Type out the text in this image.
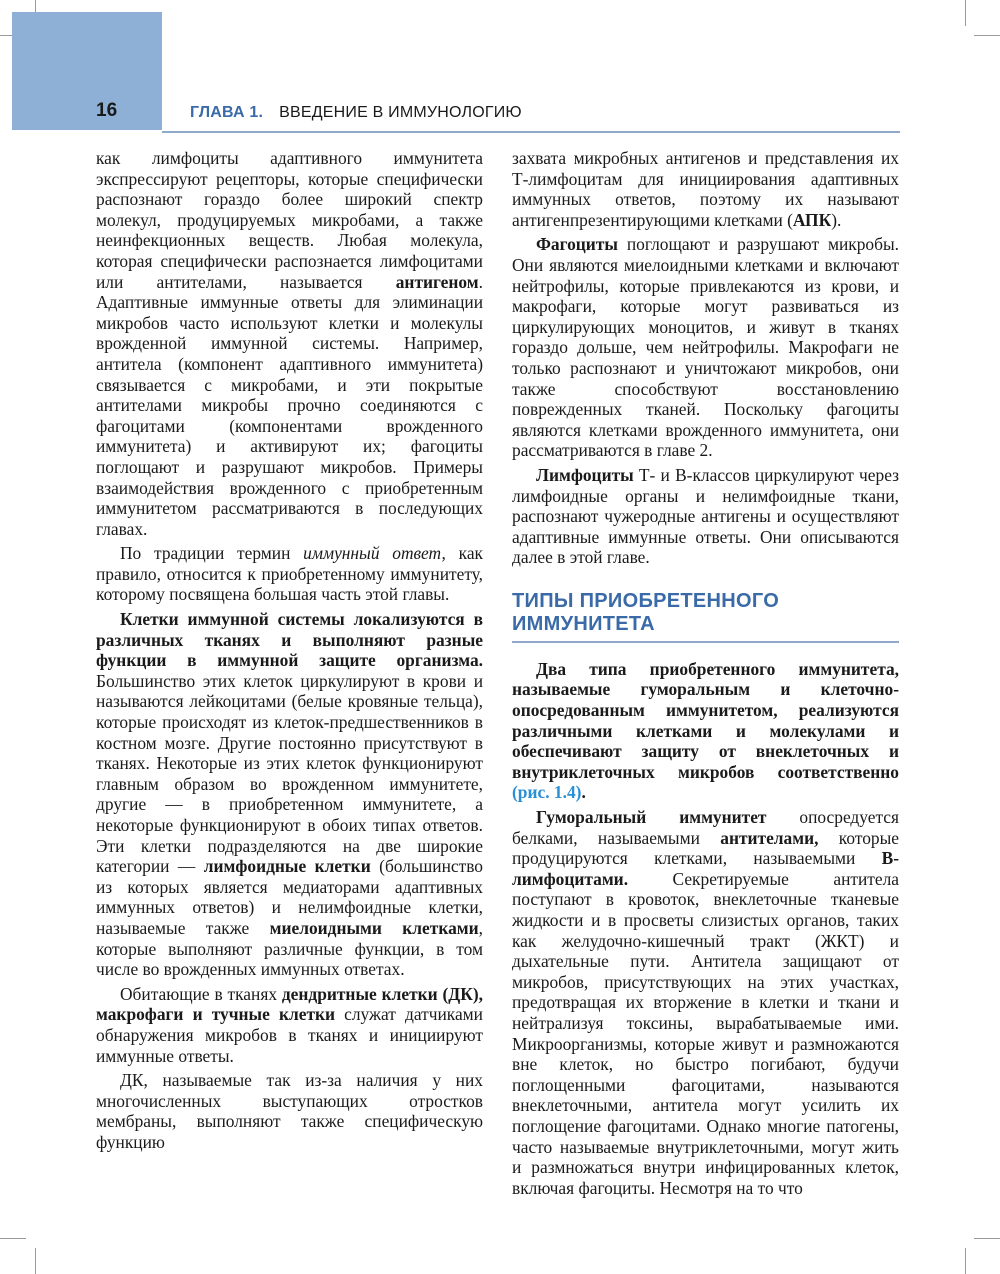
16	ГЛАВА 1. ВВЕДЕНИЕ В ИММУНОЛОГИЮ

как лимфоциты адаптивного иммунитета экспрессируют рецепторы, которые специфически распознают гораздо более широкий спектр молекул, продуцируемых микробами, а также неинфекционных веществ. Любая молекула, которая специфически распознается лимфоцитами или антителами, называется антигеном. Адаптивные иммунные ответы для элиминации микробов часто используют клетки и молекулы врожденной иммунной системы. Например, антитела (компонент адаптивного иммунитета) связывается с микробами, и эти покрытые антителами микробы прочно соединяются с фагоцитами (компонентами врожденного иммунитета) и активируют их; фагоциты поглощают и разрушают микробов. Примеры взаимодействия врожденного с приобретенным иммунитетом рассматриваются в последующих главах.

По традиции термин иммунный ответ, как правило, относится к приобретенному иммунитету, которому посвящена большая часть этой главы.

Клетки иммунной системы локализуются в различных тканях и выполняют разные функции в иммунной защите организма. Большинство этих клеток циркулируют в крови и называются лейкоцитами (белые кровяные тельца), которые происходят из клеток-предшественников в костном мозге. Другие постоянно присутствуют в тканях. Некоторые из этих клеток функционируют главным образом во врожденном иммунитете, другие — в приобретенном иммунитете, а некоторые функционируют в обоих типах ответов. Эти клетки подразделяются на две широкие категории — лимфоидные клетки (большинство из которых является медиаторами адаптивных иммунных ответов) и нелимфоидные клетки, называемые также миелоидными клетками, которые выполняют различные функции, в том числе во врожденных иммунных ответах.

Обитающие в тканях дендритные клетки (ДК), макрофаги и тучные клетки служат датчиками обнаружения микробов в тканях и инициируют иммунные ответы.

ДК, называемые так из-за наличия у них многочисленных выступающих отростков мембраны, выполняют также специфическую функцию

захвата микробных антигенов и представления их Т-лимфоцитам для инициирования адаптивных иммунных ответов, поэтому их называют антигенпрезентирующими клетками (АПК).

Фагоциты поглощают и разрушают микробы. Они являются миелоидными клетками и включают нейтрофилы, которые привлекаются из крови, и макрофаги, которые могут развиваться из циркулирующих моноцитов, и живут в тканях гораздо дольше, чем нейтрофилы. Макрофаги не только распознают и уничтожают микробов, они также способствуют восстановлению поврежденных тканей. Поскольку фагоциты являются клетками врожденного иммунитета, они рассматриваются в главе 2.

Лимфоциты Т- и В-классов циркулируют через лимфоидные органы и нелимфоидные ткани, распознают чужеродные антигены и осуществляют адаптивные иммунные ответы. Они описываются далее в этой главе.

ТИПЫ ПРИОБРЕТЕННОГО
ИММУНИТЕТА

Два типа приобретенного иммунитета, называемые гуморальным и клеточно-опосредованным иммунитетом, реализуются различными клетками и молекулами и обеспечивают защиту от внеклеточных и внутриклеточных микробов соответственно (рис. 1.4).

Гуморальный иммунитет опосредуется белками, называемыми антителами, которые продуцируются клетками, называемыми В-лимфоцитами. Секретируемые антитела поступают в кровоток, внеклеточные тканевые жидкости и в просветы слизистых органов, таких как желудочно-кишечный тракт (ЖКТ) и дыхательные пути. Антитела защищают от микробов, присутствующих на этих участках, предотвращая их вторжение в клетки и ткани и нейтрализуя токсины, вырабатываемые ими. Микроорганизмы, которые живут и размножаются вне клеток, но быстро погибают, будучи поглощенными фагоцитами, называются внеклеточными, антитела могут усилить их поглощение фагоцитами. Однако многие патогены, часто называемые внутриклеточными, могут жить и размножаться внутри инфицированных клеток, включая фагоциты. Несмотря на то что
